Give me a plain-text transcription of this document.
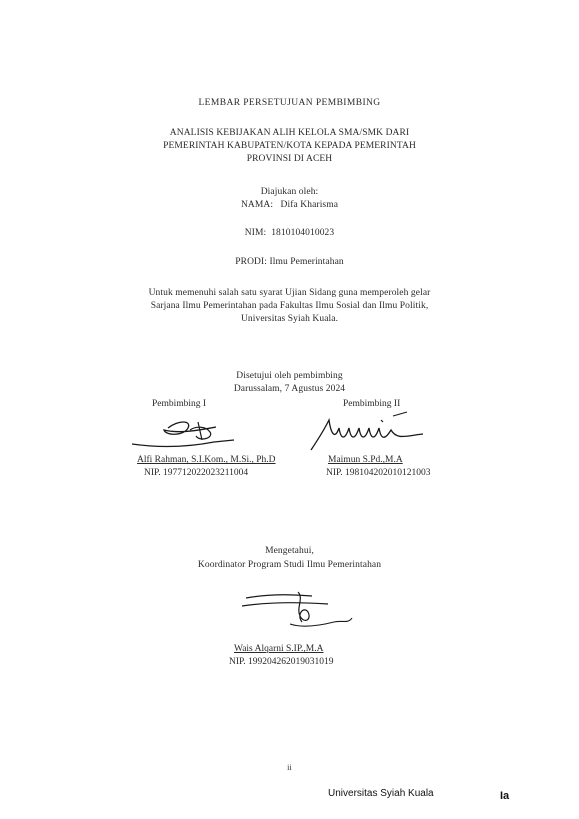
LEMBAR PERSETUJUAN PEMBIMBING
ANALISIS KEBIJAKAN ALIH KELOLA SMA/SMK DARI
PEMERINTAH KABUPATEN/KOTA KEPADA PEMERINTAH
PROVINSI DI ACEH
Diajukan oleh:
NAMA:   Difa Kharisma
NIM:  1810104010023
PRODI: Ilmu Pemerintahan
Untuk memenuhi salah satu syarat Ujian Sidang guna memperoleh gelar
Sarjana Ilmu Pemerintahan pada Fakultas Ilmu Sosial dan Ilmu Politik,
Universitas Syiah Kuala.
Disetujui oleh pembimbing
Darussalam, 7 Agustus 2024
Pembimbing I	Pembimbing II
Alfi Rahman, S.I.Kom., M.Si., Ph.D
NIP. 197712022023211004
Maimun S.Pd.,M.A
NIP. 198104202010121003
Mengetahui,
Koordinator Program Studi Ilmu Pemerintahan
Wais Alqarni S.IP.,M.A
NIP. 199204262019031019
ii
Universitas Syiah Kuala	Ia
